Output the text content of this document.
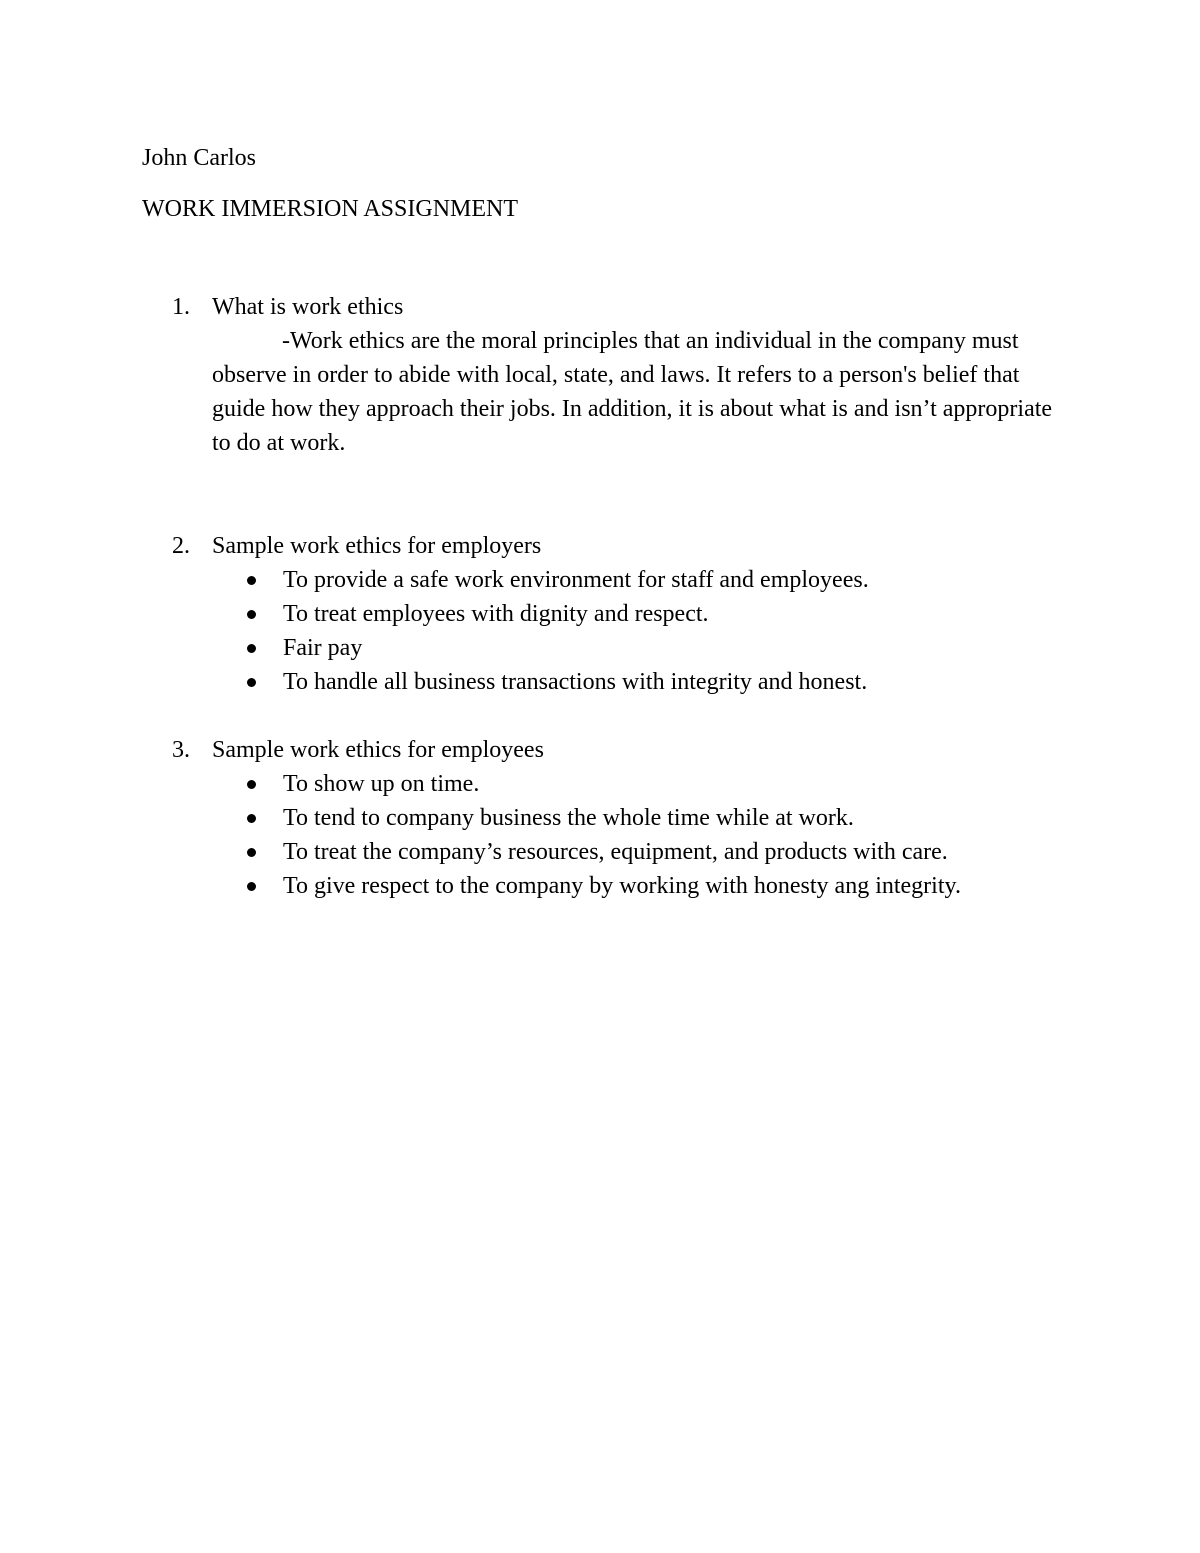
John Carlos
WORK IMMERSION ASSIGNMENT
1. What is work ethics
-Work ethics are the moral principles that an individual in the company must observe in order to abide with local, state, and laws. It refers to a person's belief that guide how they approach their jobs. In addition, it is about what is and isn’t appropriate to do at work.
2. Sample work ethics for employers
To provide a safe work environment for staff and employees.
To treat employees with dignity and respect.
Fair pay
To handle all business transactions with integrity and honest.
3. Sample work ethics for employees
To show up on time.
To tend to company business the whole time while at work.
To treat the company’s resources, equipment, and products with care.
To give respect to the company by working with honesty ang integrity.
